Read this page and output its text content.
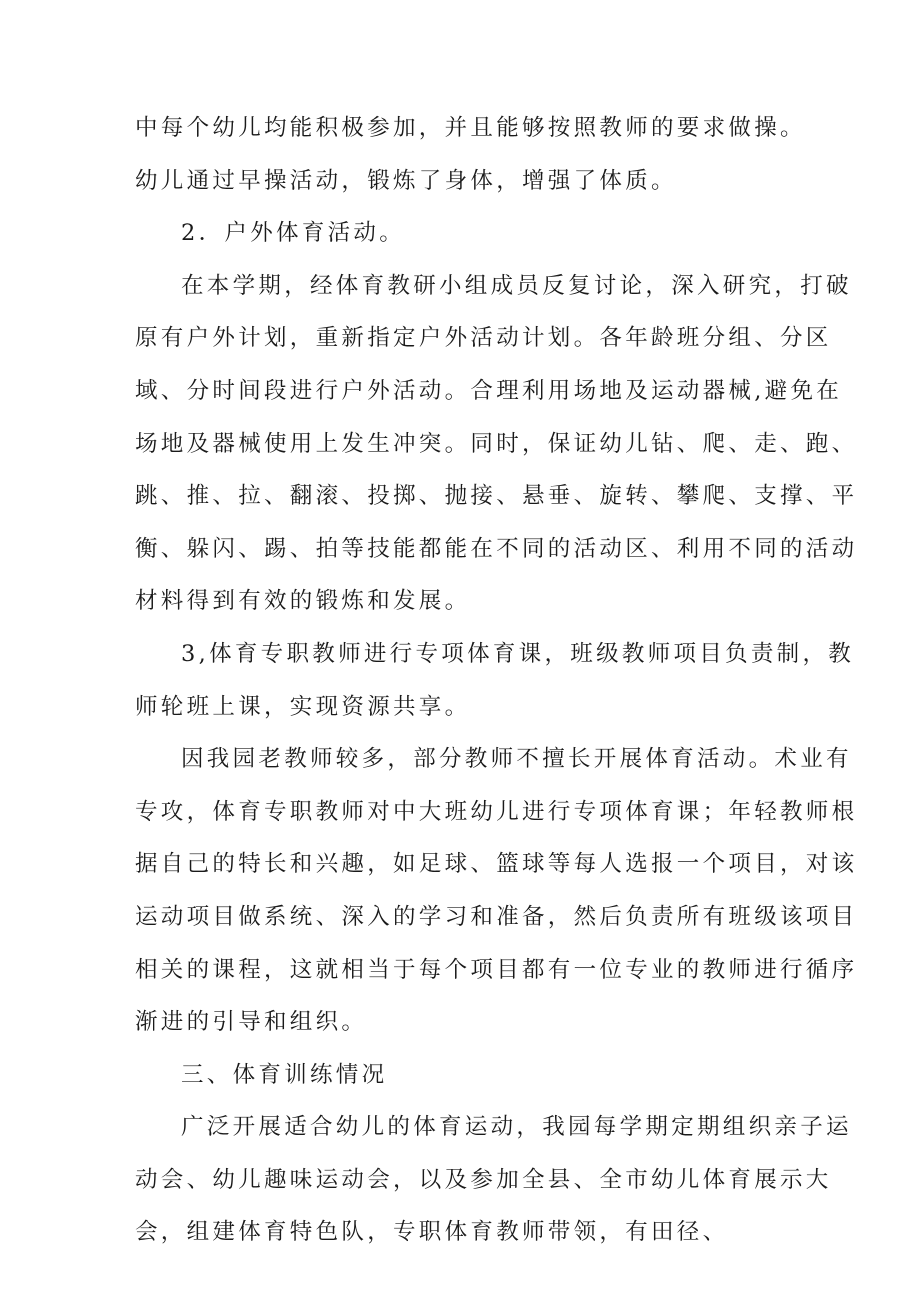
中每个幼儿均能积极参加，并且能够按照教师的要求做操。
幼儿通过早操活动，锻炼了身体，增强了体质。
2．户外体育活动。
在本学期，经体育教研小组成员反复讨论，深入研究，打破
原有户外计划，重新指定户外活动计划。各年龄班分组、分区
域、分时间段进行户外活动。合理利用场地及运动器械,避免在
场地及器械使用上发生冲突。同时，保证幼儿钻、爬、走、跑、
跳、推、拉、翻滚、投掷、抛接、悬垂、旋转、攀爬、支撑、平
衡、躲闪、踢、拍等技能都能在不同的活动区、利用不同的活动
材料得到有效的锻炼和发展。
3,体育专职教师进行专项体育课，班级教师项目负责制，教
师轮班上课，实现资源共享。
因我园老教师较多，部分教师不擅长开展体育活动。术业有
专攻，体育专职教师对中大班幼儿进行专项体育课；年轻教师根
据自己的特长和兴趣，如足球、篮球等每人选报一个项目，对该
运动项目做系统、深入的学习和准备，然后负责所有班级该项目
相关的课程，这就相当于每个项目都有一位专业的教师进行循序
渐进的引导和组织。
三、体育训练情况
广泛开展适合幼儿的体育运动，我园每学期定期组织亲子运
动会、幼儿趣味运动会，以及参加全县、全市幼儿体育展示大
会，组建体育特色队，专职体育教师带领，有田径、
